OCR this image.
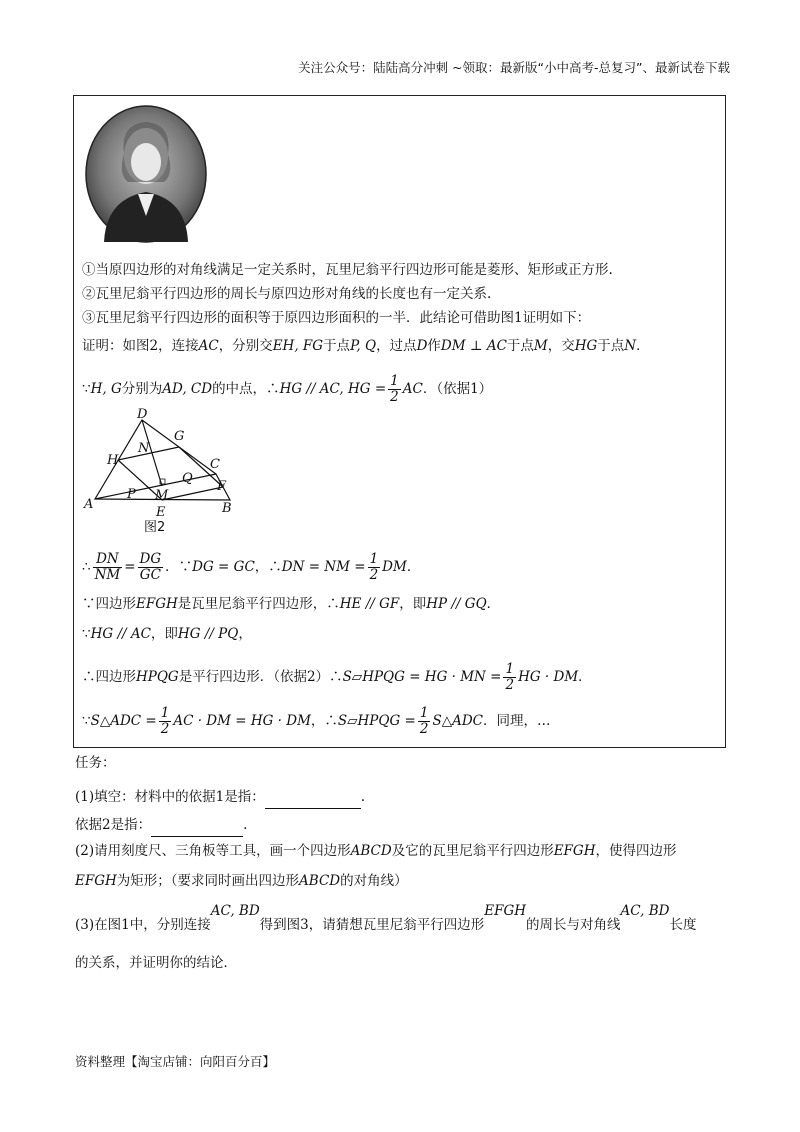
关注公众号：陆陆高分冲刺 ~领取：最新版“小中高考-总复习”、最新试卷下载
①当原四边形的对角线满足一定关系时，瓦里尼翁平行四边形可能是菱形、矩形或正方形.
②瓦里尼翁平行四边形的周长与原四边形对角线的长度也有一定关系.
③瓦里尼翁平行四边形的面积等于原四边形面积的一半．此结论可借助图1证明如下：
证明：如图2，连接AC，分别交EH, FG于点P, Q，过点D作DM ⊥ AC于点M，交HG于点N．
∵H, G分别为AD, CD的中点，∴HG // AC, HG = $\frac{1}{2}$ AC．（依据1）
D
G
C
N
H
Q
F
M
P
A
E	B
图2
∴ $\frac{DN}{NM} = \frac{DG}{GC}$ ．∵DG = GC，∴DN = NM = $\frac{1}{2}$ DM．
∵四边形EFGH是瓦里尼翁平行四边形，∴HE // GF，即HP // GQ．
∵HG // AC，即HG // PQ，
∴四边形HPQG是平行四边形．（依据2）∴S▱HPQG = HG · MN = $\frac{1}{2}$ HG · DM．
∵S△ADC = $\frac{1}{2}$ AC · DM = HG · DM，∴S▱HPQG = $\frac{1}{2}$ S△ADC．同理，…
任务：
(1)填空：材料中的依据1是指：	.
依据2是指：	.
(2)请用刻度尺、三角板等工具，画一个四边形ABCD及它的瓦里尼翁平行四边形EFGH，使得四边形
EFGH为矩形；（要求同时画出四边形ABCD的对角线）
(3)在图1中，分别连接AC, BD得到图3，请猜想瓦里尼翁平行四边形EFGH的周长与对角线AC, BD长度
的关系，并证明你的结论．
资料整理【淘宝店铺：向阳百分百】
